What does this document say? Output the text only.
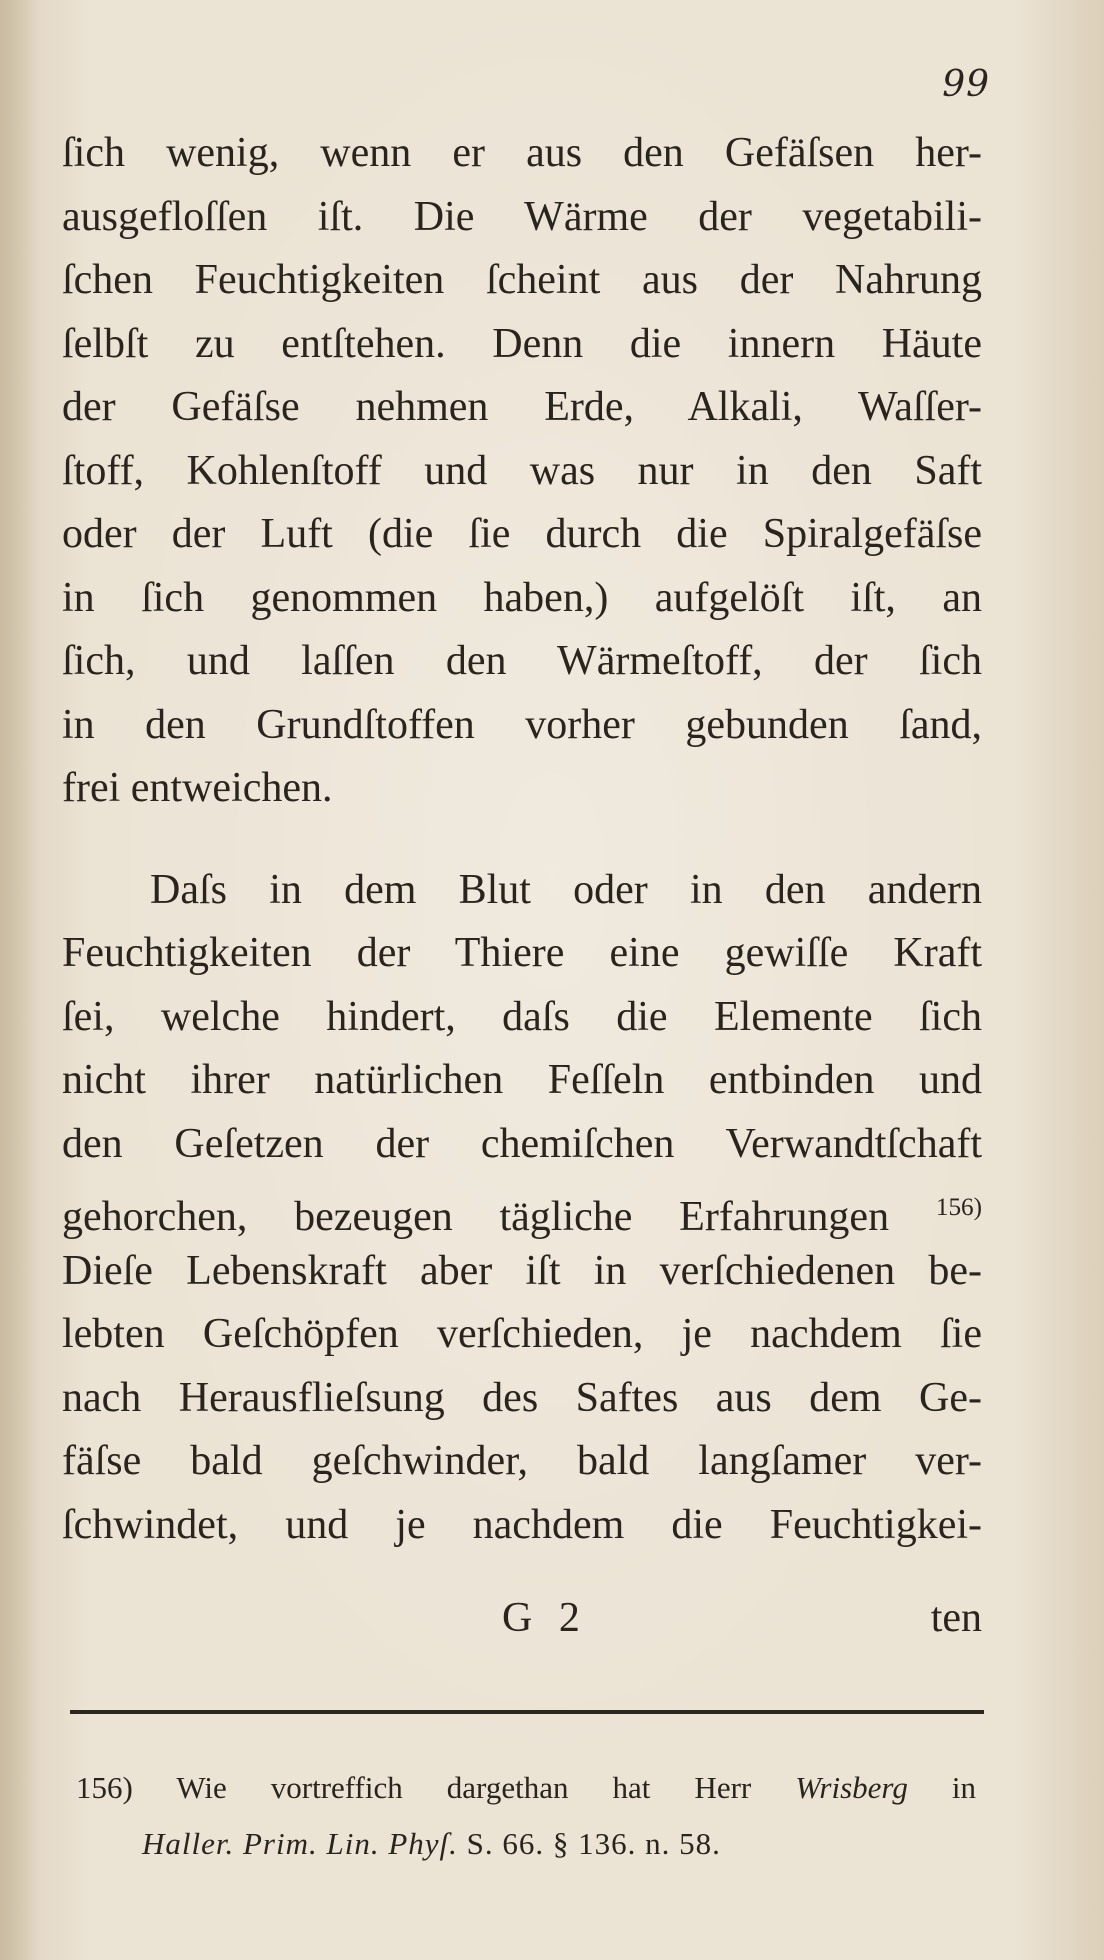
99
ſich wenig, wenn er aus den Gefäſsen her-
ausgefloſſen iſt. Die Wärme der vegetabili-
ſchen Feuchtigkeiten ſcheint aus der Nahrung
ſelbſt zu entſtehen. Denn die innern Häute
der Gefäſse nehmen Erde, Alkali, Waſſer-
ſtoff, Kohlenſtoff und was nur in den Saft
oder der Luft (die ſie durch die Spiralgefäſse
in ſich genommen haben,) aufgelöſt iſt, an
ſich, und laſſen den Wärmeſtoff, der ſich
in den Grundſtoffen vorher gebunden ſand,
frei entweichen.
Daſs in dem Blut oder in den andern
Feuchtigkeiten der Thiere eine gewiſſe Kraft
ſei, welche hindert, daſs die Elemente ſich
nicht ihrer natürlichen Feſſeln entbinden und
den Geſetzen der chemiſchen Verwandtſchaft
gehorchen, bezeugen tägliche Erfahrungen $^{156)}$
Dieſe Lebenskraft aber iſt in verſchiedenen be-
lebten Geſchöpfen verſchieden, je nachdem ſie
nach Herausflieſsung des Saftes aus dem Ge-
fäſse bald geſchwinder, bald langſamer ver-
ſchwindet, und je nachdem die Feuchtigkei-
G 2	ten
156) Wie vortreffich dargethan hat Herr Wrisberg in
Haller. Prim. Lin. Phyſ. S. 66. § 136. n. 58.
